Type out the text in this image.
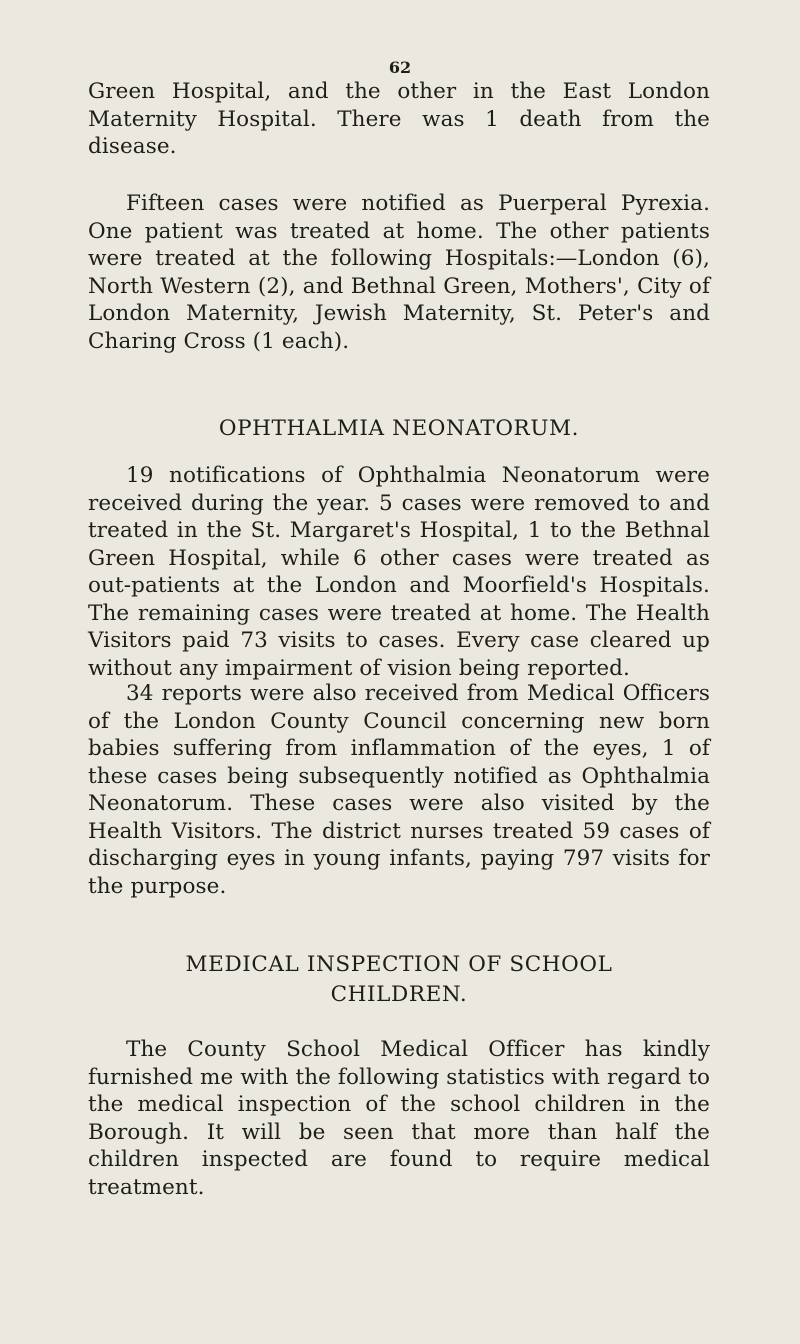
62

Green Hospital, and the other in the East London Maternity Hospital. There was 1 death from the disease.

Fifteen cases were notified as Puerperal Pyrexia. One patient was treated at home. The other patients were treated at the following Hospitals:—London (6), North Western (2), and Bethnal Green, Mothers', City of London Maternity, Jewish Maternity, St. Peter's and Charing Cross (1 each).

OPHTHALMIA NEONATORUM.

19 notifications of Ophthalmia Neonatorum were received during the year. 5 cases were removed to and treated in the St. Margaret's Hospital, 1 to the Bethnal Green Hospital, while 6 other cases were treated as out-patients at the London and Moorfield's Hospitals. The remaining cases were treated at home. The Health Visitors paid 73 visits to cases. Every case cleared up without any impairment of vision being reported.

34 reports were also received from Medical Officers of the London County Council concerning new born babies suffering from inflammation of the eyes, 1 of these cases being subsequently notified as Ophthalmia Neonatorum. These cases were also visited by the Health Visitors. The district nurses treated 59 cases of discharging eyes in young infants, paying 797 visits for the purpose.

MEDICAL INSPECTION OF SCHOOL
CHILDREN.

The County School Medical Officer has kindly furnished me with the following statistics with regard to the medical inspection of the school children in the Borough. It will be seen that more than half the children inspected are found to require medical treatment.
